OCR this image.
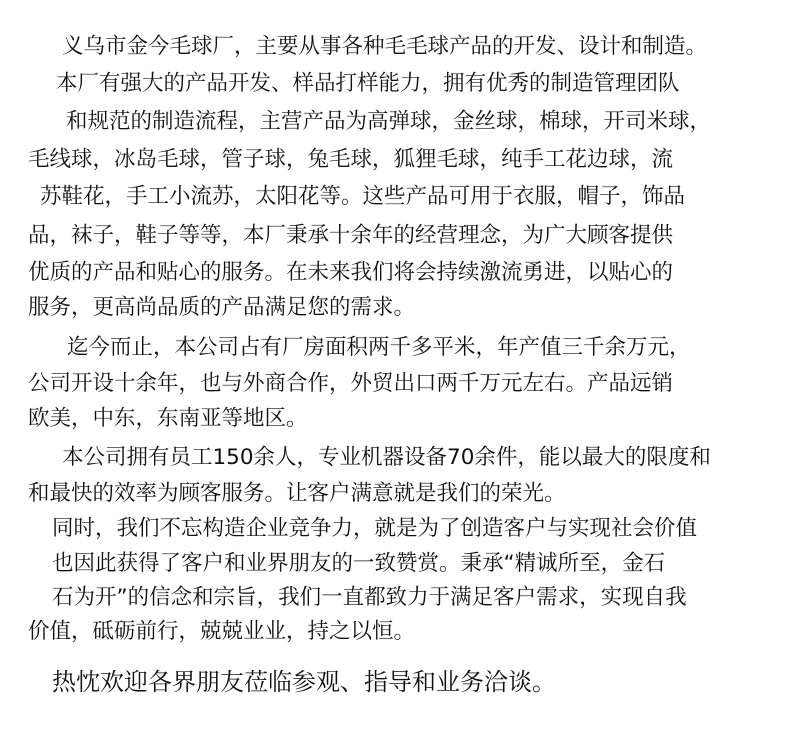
义乌市金今毛球厂，主要从事各种毛毛球产品的开发、设计和制造。
本厂有强大的产品开发、样品打样能力，拥有优秀的制造管理团队
和规范的制造流程，主营产品为高弹球，金丝球，棉球，开司米球，
毛线球，冰岛毛球，管子球，兔毛球，狐狸毛球，纯手工花边球，流
苏鞋花，手工小流苏，太阳花等。这些产品可用于衣服，帽子，饰品
品，袜子，鞋子等等，本厂秉承十余年的经营理念，为广大顾客提供
优质的产品和贴心的服务。在未来我们将会持续激流勇进，以贴心的
服务，更高尚品质的产品满足您的需求。
迄今而止，本公司占有厂房面积两千多平米，年产值三千余万元，
公司开设十余年，也与外商合作，外贸出口两千万元左右。产品远销
欧美，中东，东南亚等地区。
本公司拥有员工150余人，专业机器设备70余件，能以最大的限度和
和最快的效率为顾客服务。让客户满意就是我们的荣光。
同时，我们不忘构造企业竞争力，就是为了创造客户与实现社会价值
也因此获得了客户和业界朋友的一致赞赏。秉承“精诚所至，金石
石为开”的信念和宗旨，我们一直都致力于满足客户需求，实现自我
价值，砥砺前行，兢兢业业，持之以恒。
热忱欢迎各界朋友莅临参观、指导和业务洽谈。
